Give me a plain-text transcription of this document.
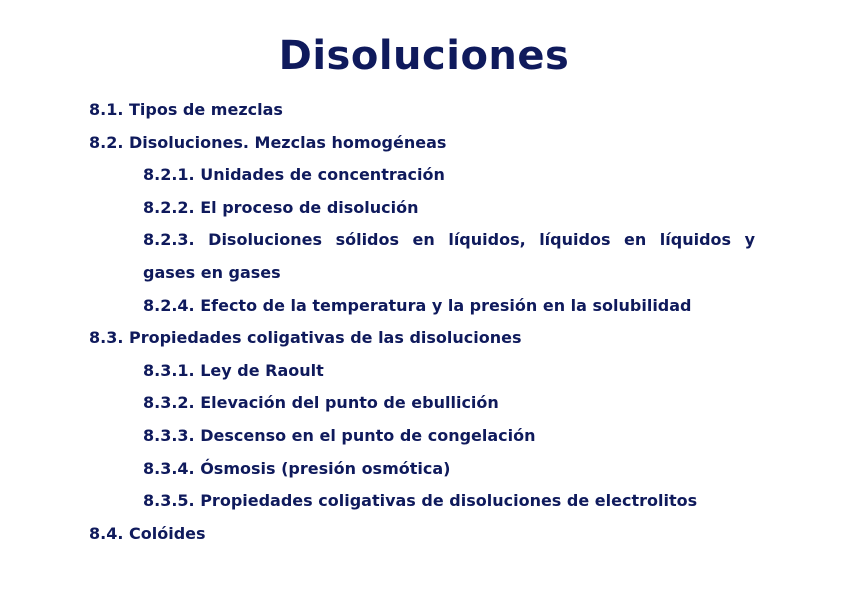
Disoluciones
8.1. Tipos de mezclas
8.2. Disoluciones. Mezclas homogéneas
8.2.1. Unidades de concentración
8.2.2. El proceso de disolución
8.2.3. Disoluciones sólidos en líquidos, líquidos en líquidos y
gases en gases
8.2.4. Efecto de la temperatura y la presión en la solubilidad
8.3. Propiedades coligativas de las disoluciones
8.3.1. Ley de Raoult
8.3.2. Elevación del punto de ebullición
8.3.3. Descenso en el punto de congelación
8.3.4. Ósmosis (presión osmótica)
8.3.5. Propiedades coligativas de disoluciones de electrolitos
8.4. Colóides
